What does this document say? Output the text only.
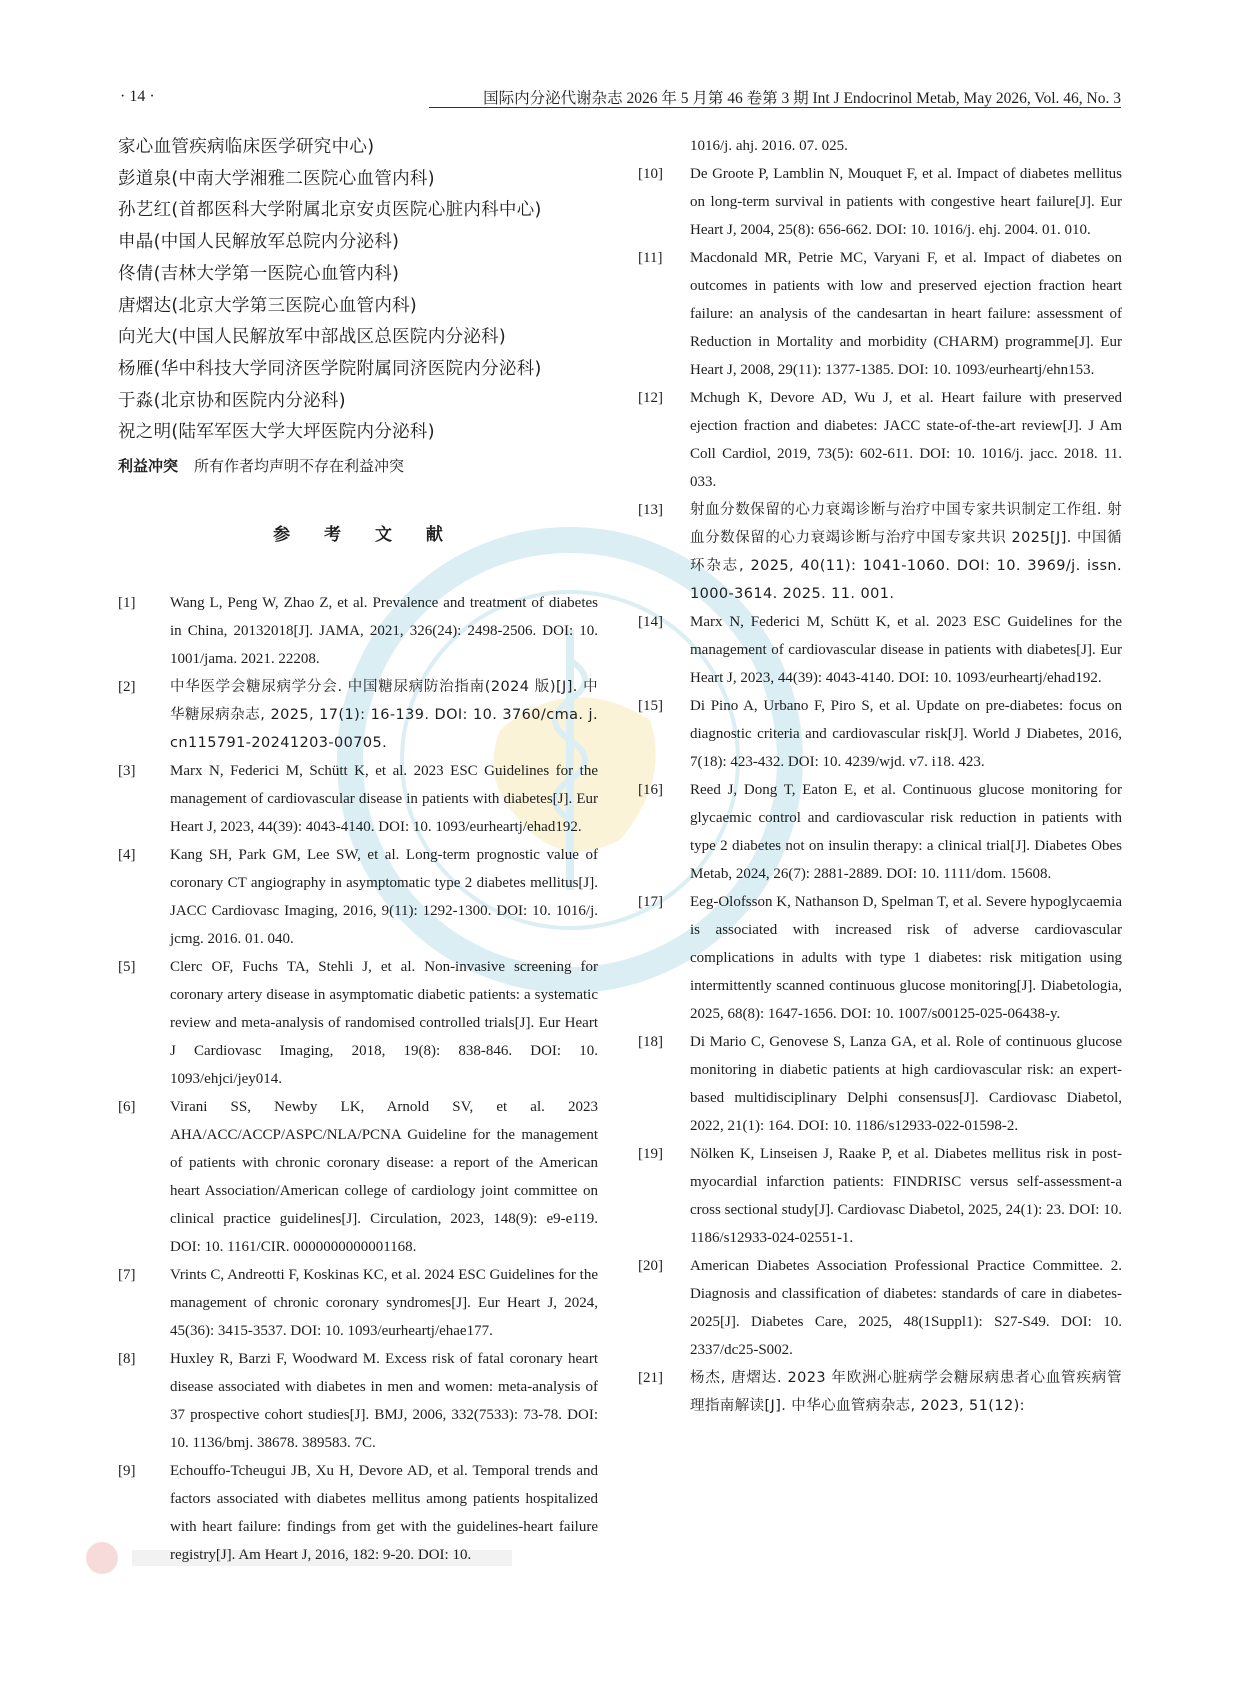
· 14 ·	国际内分泌代谢杂志 2026 年 5 月第 46 卷第 3 期 Int J Endocrinol Metab, May 2026, Vol. 46, No. 3
家心血管疾病临床医学研究中心)
彭道泉(中南大学湘雅二医院心血管内科)
孙艺红(首都医科大学附属北京安贞医院心脏内科中心)
申晶(中国人民解放军总院内分泌科)
佟倩(吉林大学第一医院心血管内科)
唐熠达(北京大学第三医院心血管内科)
向光大(中国人民解放军中部战区总医院内分泌科)
杨雁(华中科技大学同济医学院附属同济医院内分泌科)
于淼(北京协和医院内分泌科)
祝之明(陆军军医大学大坪医院内分泌科)
利益冲突 所有作者均声明不存在利益冲突
参 考 文 献
[1]	Wang L, Peng W, Zhao Z, et al. Prevalence and treatment of diabetes in China, 20132018[J]. JAMA, 2021, 326(24): 2498-2506. DOI: 10. 1001/jama. 2021. 22208.
[2]	中华医学会糖尿病学分会. 中国糖尿病防治指南(2024 版)[J]. 中华糖尿病杂志, 2025, 17(1): 16-139. DOI: 10. 3760/cma. j. cn115791-20241203-00705.
[3]	Marx N, Federici M, Schütt K, et al. 2023 ESC Guidelines for the management of cardiovascular disease in patients with diabetes[J]. Eur Heart J, 2023, 44(39): 4043-4140. DOI: 10. 1093/eurheartj/ehad192.
[4]	Kang SH, Park GM, Lee SW, et al. Long-term prognostic value of coronary CT angiography in asymptomatic type 2 diabetes mellitus[J]. JACC Cardiovasc Imaging, 2016, 9(11): 1292-1300. DOI: 10. 1016/j. jcmg. 2016. 01. 040.
[5]	Clerc OF, Fuchs TA, Stehli J, et al. Non-invasive screening for coronary artery disease in asymptomatic diabetic patients: a systematic review and meta-analysis of randomised controlled trials[J]. Eur Heart J Cardiovasc Imaging, 2018, 19(8): 838-846. DOI: 10. 1093/ehjci/jey014.
[6]	Virani SS, Newby LK, Arnold SV, et al. 2023 AHA/ACC/ACCP/ASPC/NLA/PCNA Guideline for the management of patients with chronic coronary disease: a report of the American heart Association/American college of cardiology joint committee on clinical practice guidelines[J]. Circulation, 2023, 148(9): e9-e119. DOI: 10. 1161/CIR. 0000000000001168.
[7]	Vrints C, Andreotti F, Koskinas KC, et al. 2024 ESC Guidelines for the management of chronic coronary syndromes[J]. Eur Heart J, 2024, 45(36): 3415-3537. DOI: 10. 1093/eurheartj/ehae177.
[8]	Huxley R, Barzi F, Woodward M. Excess risk of fatal coronary heart disease associated with diabetes in men and women: meta-analysis of 37 prospective cohort studies[J]. BMJ, 2006, 332(7533): 73-78. DOI: 10. 1136/bmj. 38678. 389583. 7C.
[9]	Echouffo-Tcheugui JB, Xu H, Devore AD, et al. Temporal trends and factors associated with diabetes mellitus among patients hospitalized with heart failure: findings from get with the guidelines-heart failure registry[J]. Am Heart J, 2016, 182: 9-20. DOI: 10.
1016/j. ahj. 2016. 07. 025.
[10]	De Groote P, Lamblin N, Mouquet F, et al. Impact of diabetes mellitus on long-term survival in patients with congestive heart failure[J]. Eur Heart J, 2004, 25(8): 656-662. DOI: 10. 1016/j. ehj. 2004. 01. 010.
[11]	Macdonald MR, Petrie MC, Varyani F, et al. Impact of diabetes on outcomes in patients with low and preserved ejection fraction heart failure: an analysis of the candesartan in heart failure: assessment of Reduction in Mortality and morbidity (CHARM) programme[J]. Eur Heart J, 2008, 29(11): 1377-1385. DOI: 10. 1093/eurheartj/ehn153.
[12]	Mchugh K, Devore AD, Wu J, et al. Heart failure with preserved ejection fraction and diabetes: JACC state-of-the-art review[J]. J Am Coll Cardiol, 2019, 73(5): 602-611. DOI: 10. 1016/j. jacc. 2018. 11. 033.
[13]	射血分数保留的心力衰竭诊断与治疗中国专家共识制定工作组. 射血分数保留的心力衰竭诊断与治疗中国专家共识 2025[J]. 中国循环杂志, 2025, 40(11): 1041-1060. DOI: 10. 3969/j. issn. 1000-3614. 2025. 11. 001.
[14]	Marx N, Federici M, Schütt K, et al. 2023 ESC Guidelines for the management of cardiovascular disease in patients with diabetes[J]. Eur Heart J, 2023, 44(39): 4043-4140. DOI: 10. 1093/eurheartj/ehad192.
[15]	Di Pino A, Urbano F, Piro S, et al. Update on pre-diabetes: focus on diagnostic criteria and cardiovascular risk[J]. World J Diabetes, 2016, 7(18): 423-432. DOI: 10. 4239/wjd. v7. i18. 423.
[16]	Reed J, Dong T, Eaton E, et al. Continuous glucose monitoring for glycaemic control and cardiovascular risk reduction in patients with type 2 diabetes not on insulin therapy: a clinical trial[J]. Diabetes Obes Metab, 2024, 26(7): 2881-2889. DOI: 10. 1111/dom. 15608.
[17]	Eeg-Olofsson K, Nathanson D, Spelman T, et al. Severe hypoglycaemia is associated with increased risk of adverse cardiovascular complications in adults with type 1 diabetes: risk mitigation using intermittently scanned continuous glucose monitoring[J]. Diabetologia, 2025, 68(8): 1647-1656. DOI: 10. 1007/s00125-025-06438-y.
[18]	Di Mario C, Genovese S, Lanza GA, et al. Role of continuous glucose monitoring in diabetic patients at high cardiovascular risk: an expert-based multidisciplinary Delphi consensus[J]. Cardiovasc Diabetol, 2022, 21(1): 164. DOI: 10. 1186/s12933-022-01598-2.
[19]	Nölken K, Linseisen J, Raake P, et al. Diabetes mellitus risk in post-myocardial infarction patients: FINDRISC versus self-assessment-a cross sectional study[J]. Cardiovasc Diabetol, 2025, 24(1): 23. DOI: 10. 1186/s12933-024-02551-1.
[20]	American Diabetes Association Professional Practice Committee. 2. Diagnosis and classification of diabetes: standards of care in diabetes-2025[J]. Diabetes Care, 2025, 48(1Suppl1): S27-S49. DOI: 10. 2337/dc25-S002.
[21]	杨杰, 唐熠达. 2023 年欧洲心脏病学会糖尿病患者心血管疾病管理指南解读[J]. 中华心血管病杂志, 2023, 51(12):
